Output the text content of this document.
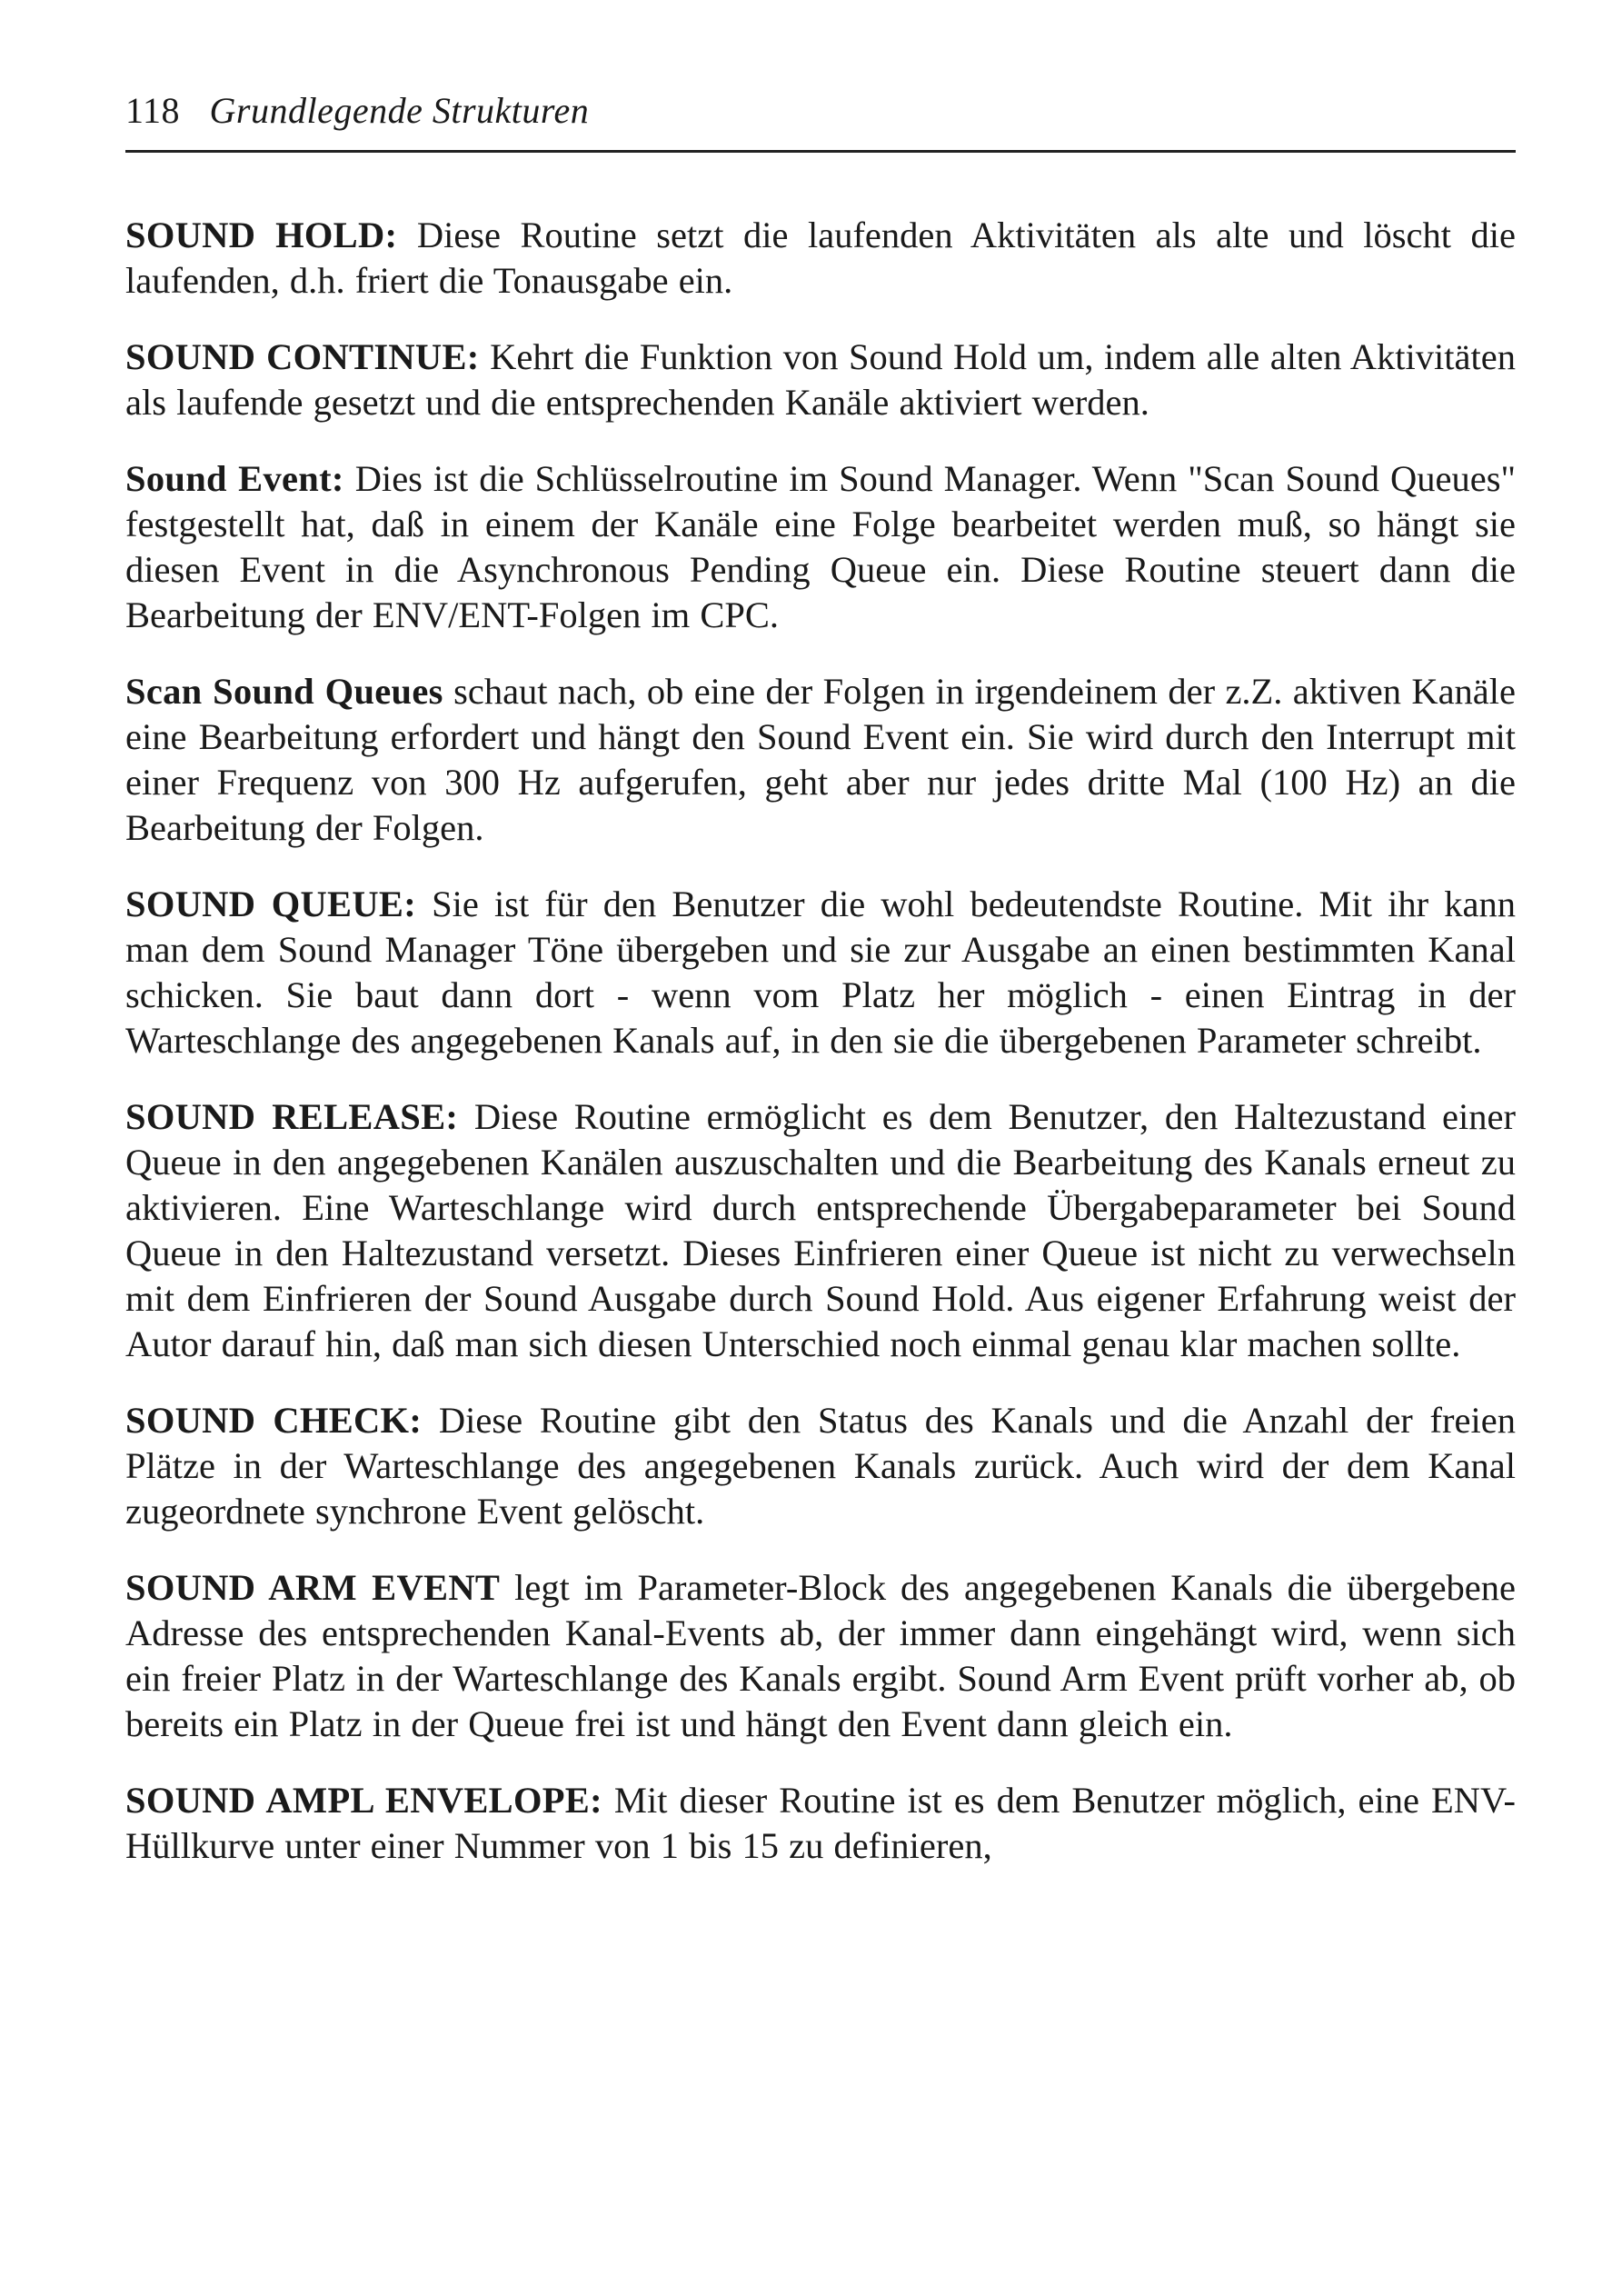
118 Grundlegende Strukturen

SOUND HOLD: Diese Routine setzt die laufenden Aktivitäten als alte und löscht die laufenden, d.h. friert die Tonausgabe ein.

SOUND CONTINUE: Kehrt die Funktion von Sound Hold um, indem alle alten Aktivitäten als laufende gesetzt und die entsprechenden Kanäle aktiviert werden.

Sound Event: Dies ist die Schlüsselroutine im Sound Manager. Wenn "Scan Sound Queues" festgestellt hat, daß in einem der Kanäle eine Folge bearbeitet werden muß, so hängt sie diesen Event in die Asynchronous Pending Queue ein. Diese Routine steuert dann die Bearbeitung der ENV/ENT-Folgen im CPC.

Scan Sound Queues schaut nach, ob eine der Folgen in irgendeinem der z.Z. aktiven Kanäle eine Bearbeitung erfordert und hängt den Sound Event ein. Sie wird durch den Interrupt mit einer Frequenz von 300 Hz aufgerufen, geht aber nur jedes dritte Mal (100 Hz) an die Bearbeitung der Folgen.

SOUND QUEUE: Sie ist für den Benutzer die wohl bedeutendste Routine. Mit ihr kann man dem Sound Manager Töne übergeben und sie zur Ausgabe an einen bestimmten Kanal schicken. Sie baut dann dort - wenn vom Platz her möglich - einen Eintrag in der Warteschlange des angegebenen Kanals auf, in den sie die übergebenen Parameter schreibt.

SOUND RELEASE: Diese Routine ermöglicht es dem Benutzer, den Haltezustand einer Queue in den angegebenen Kanälen auszuschalten und die Bearbeitung des Kanals erneut zu aktivieren. Eine Warteschlange wird durch entsprechende Übergabeparameter bei Sound Queue in den Haltezustand versetzt. Dieses Einfrieren einer Queue ist nicht zu verwechseln mit dem Einfrieren der Sound Ausgabe durch Sound Hold. Aus eigener Erfahrung weist der Autor darauf hin, daß man sich diesen Unterschied noch einmal genau klar machen sollte.

SOUND CHECK: Diese Routine gibt den Status des Kanals und die Anzahl der freien Plätze in der Warteschlange des angegebenen Kanals zurück. Auch wird der dem Kanal zugeordnete synchrone Event gelöscht.

SOUND ARM EVENT legt im Parameter-Block des angegebenen Kanals die übergebene Adresse des entsprechenden Kanal-Events ab, der immer dann eingehängt wird, wenn sich ein freier Platz in der Warteschlange des Kanals ergibt. Sound Arm Event prüft vorher ab, ob bereits ein Platz in der Queue frei ist und hängt den Event dann gleich ein.

SOUND AMPL ENVELOPE: Mit dieser Routine ist es dem Benutzer möglich, eine ENV-Hüllkurve unter einer Nummer von 1 bis 15 zu definieren,
